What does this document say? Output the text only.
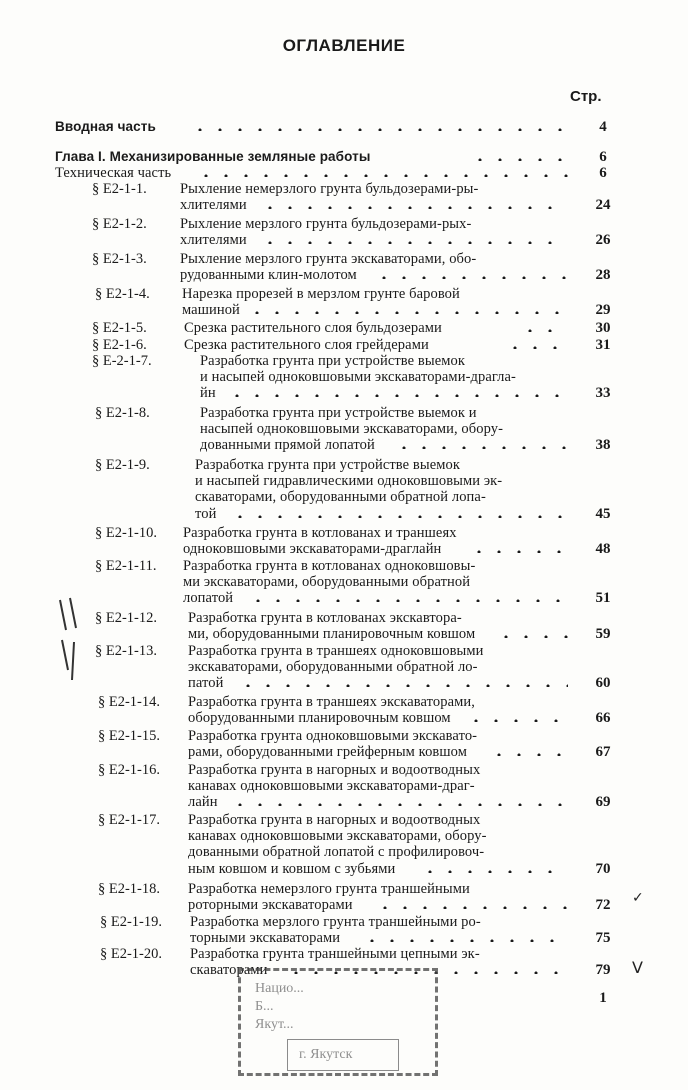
ОГЛАВЛЕНИЕ
Стр.
Вводная часть	4
Глава I. Механизированные земляные работы	6
Техническая часть	6
§ Е2-1-1. Рыхление немерзлого грунта бульдозерами-ры-
хлителями	24
§ Е2-1-2. Рыхление мерзлого грунта бульдозерами-рых-
хлителями	26
§ Е2-1-3. Рыхление мерзлого грунта экскаваторами, обо-
рудованными клин-молотом	28
§ Е2-1-4. Нарезка прорезей в мерзлом грунте баровой
машиной	29
§ Е2-1-5.	Срезка растительного слоя бульдозерами	30
§ Е2-1-6.	Срезка растительного слоя грейдерами	31
§ Е-2-1-7.	Разработка грунта при устройстве выемок
и насыпей одноковшовыми экскаваторами-драгла-
йн	33
§ Е2-1-8.	Разработка грунта при устройстве выемок и
насыпей одноковшовыми экскаваторами, обору-
дованными прямой лопатой	38
§ Е2-1-9.	Разработка грунта при устройстве выемок
и насыпей гидравлическими одноковшовыми эк-
скаваторами, оборудованными обратной лопа-
той	45
§ Е2-1-10. Разработка грунта в котлованах и траншеях
одноковшовыми экскаваторами-драглайн	48
§ Е2-1-11. Разработка грунта в котлованах одноковшовы-
ми экскаваторами, оборудованными обратной
лопатой	51
§ Е2-1-12. Разработка грунта в котлованах экскавтора-
ми, оборудованными планировочным ковшом	59
§ Е2-1-13. Разработка грунта в траншеях одноковшовыми
экскаваторами, оборудованными обратной ло-
патой	60
§ Е2-1-14. Разработка грунта в траншеях экскаваторами,
оборудованными планировочным ковшом	66
§ Е2-1-15. Разработка грунта одноковшовыми экскавато-
рами, оборудованными грейферным ковшом	67
§ Е2-1-16. Разработка грунта в нагорных и водоотводных
канавах одноковшовыми экскаваторами-драг-
лайн	69
§ Е2-1-17. Разработка грунта в нагорных и водоотводных
канавах одноковшовыми экскаваторами, обору-
дованными обратной лопатой с профилировоч-
ным ковшом и ковшом с зубьями	70
§ Е2-1-18. Разработка немерзлого грунта траншейными
роторными экскаваторами	72
§ Е2-1-19. Разработка мерзлого грунта траншейными ро-
торными экскаваторами	75
§ Е2-1-20. Разработка грунта траншейными цепными эк-
скаваторами	79
1
✓
V
Нацио...
Б...
Якут...
г. Якутск
